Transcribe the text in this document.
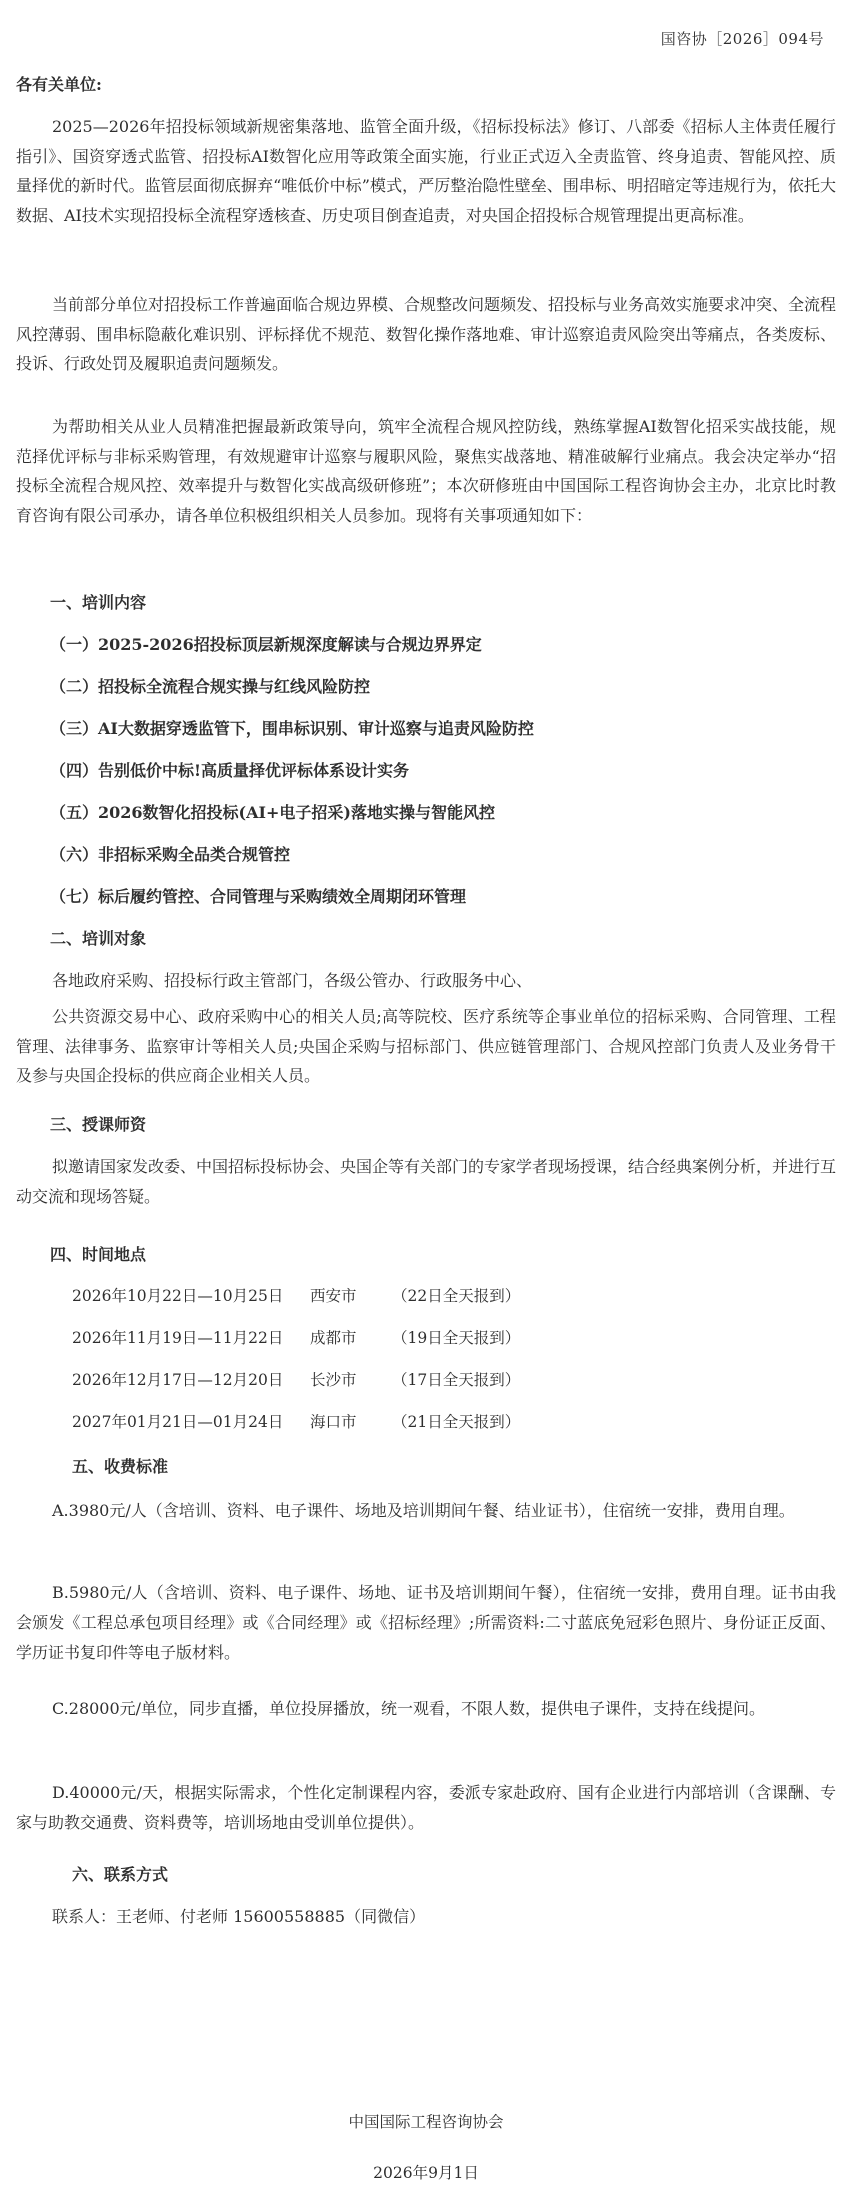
国咨协［2026］094号
各有关单位:

2025—2026年招投标领域新规密集落地、监管全面升级，《招标投标法》修订、八部委《招标人主体责任履行指引》、国资穿透式监管、招投标AI数智化应用等政策全面实施，行业正式迈入全责监管、终身追责、智能风控、质量择优的新时代。监管层面彻底摒弃“唯低价中标”模式，严厉整治隐性壁垒、围串标、明招暗定等违规行为，依托大数据、AI技术实现招投标全流程穿透核查、历史项目倒查追责，对央国企招投标合规管理提出更高标准。

当前部分单位对招投标工作普遍面临合规边界模、合规整改问题频发、招投标与业务高效实施要求冲突、全流程风控薄弱、围串标隐蔽化难识别、评标择优不规范、数智化操作落地难、审计巡察追责风险突出等痛点，各类废标、投诉、行政处罚及履职追责问题频发。

为帮助相关从业人员精准把握最新政策导向，筑牢全流程合规风控防线，熟练掌握AI数智化招采实战技能，规范择优评标与非标采购管理，有效规避审计巡察与履职风险，聚焦实战落地、精准破解行业痛点。我会决定举办“招投标全流程合规风控、效率提升与数智化实战高级研修班”；本次研修班由中国国际工程咨询协会主办，北京比时教育咨询有限公司承办，请各单位积极组织相关人员参加。现将有关事项通知如下：

一、培训内容
（一）2025-2026招投标顶层新规深度解读与合规边界界定
（二）招投标全流程合规实操与红线风险防控
（三）AI大数据穿透监管下，围串标识别、审计巡察与追责风险防控
（四）告别低价中标!高质量择优评标体系设计实务
（五）2026数智化招投标(AI+电子招采)落地实操与智能风控
（六）非招标采购全品类合规管控
（七）标后履约管控、合同管理与采购绩效全周期闭环管理
二、培训对象

各地政府采购、招投标行政主管部门，各级公管办、行政服务中心、

公共资源交易中心、政府采购中心的相关人员;高等院校、医疗系统等企事业单位的招标采购、合同管理、工程管理、法律事务、监察审计等相关人员;央国企采购与招标部门、供应链管理部门、合规风控部门负责人及业务骨干及参与央国企投标的供应商企业相关人员。

三、授课师资

拟邀请国家发改委、中国招标投标协会、央国企等有关部门的专家学者现场授课，结合经典案例分析，并进行互动交流和现场答疑。

四、时间地点
2026年10月22日—10月25日	西安市	（22日全天报到）
2026年11月19日—11月22日	成都市	（19日全天报到）
2026年12月17日—12月20日	长沙市	（17日全天报到）
2027年01月21日—01月24日	海口市	（21日全天报到）
五、收费标准

A.3980元/人（含培训、资料、电子课件、场地及培训期间午餐、结业证书），住宿统一安排，费用自理。

B.5980元/人（含培训、资料、电子课件、场地、证书及培训期间午餐），住宿统一安排，费用自理。证书由我会颁发《工程总承包项目经理》或《合同经理》或《招标经理》;所需资料:二寸蓝底免冠彩色照片、身份证正反面、学历证书复印件等电子版材料。

C.28000元/单位，同步直播，单位投屏播放，统一观看，不限人数，提供电子课件，支持在线提问。

D.40000元/天，根据实际需求，个性化定制课程内容，委派专家赴政府、国有企业进行内部培训（含课酬、专家与助教交通费、资料费等，培训场地由受训单位提供）。

六、联系方式
联系人：王老师、付老师 15600558885（同微信）
中国国际工程咨询协会
2026年9月1日
